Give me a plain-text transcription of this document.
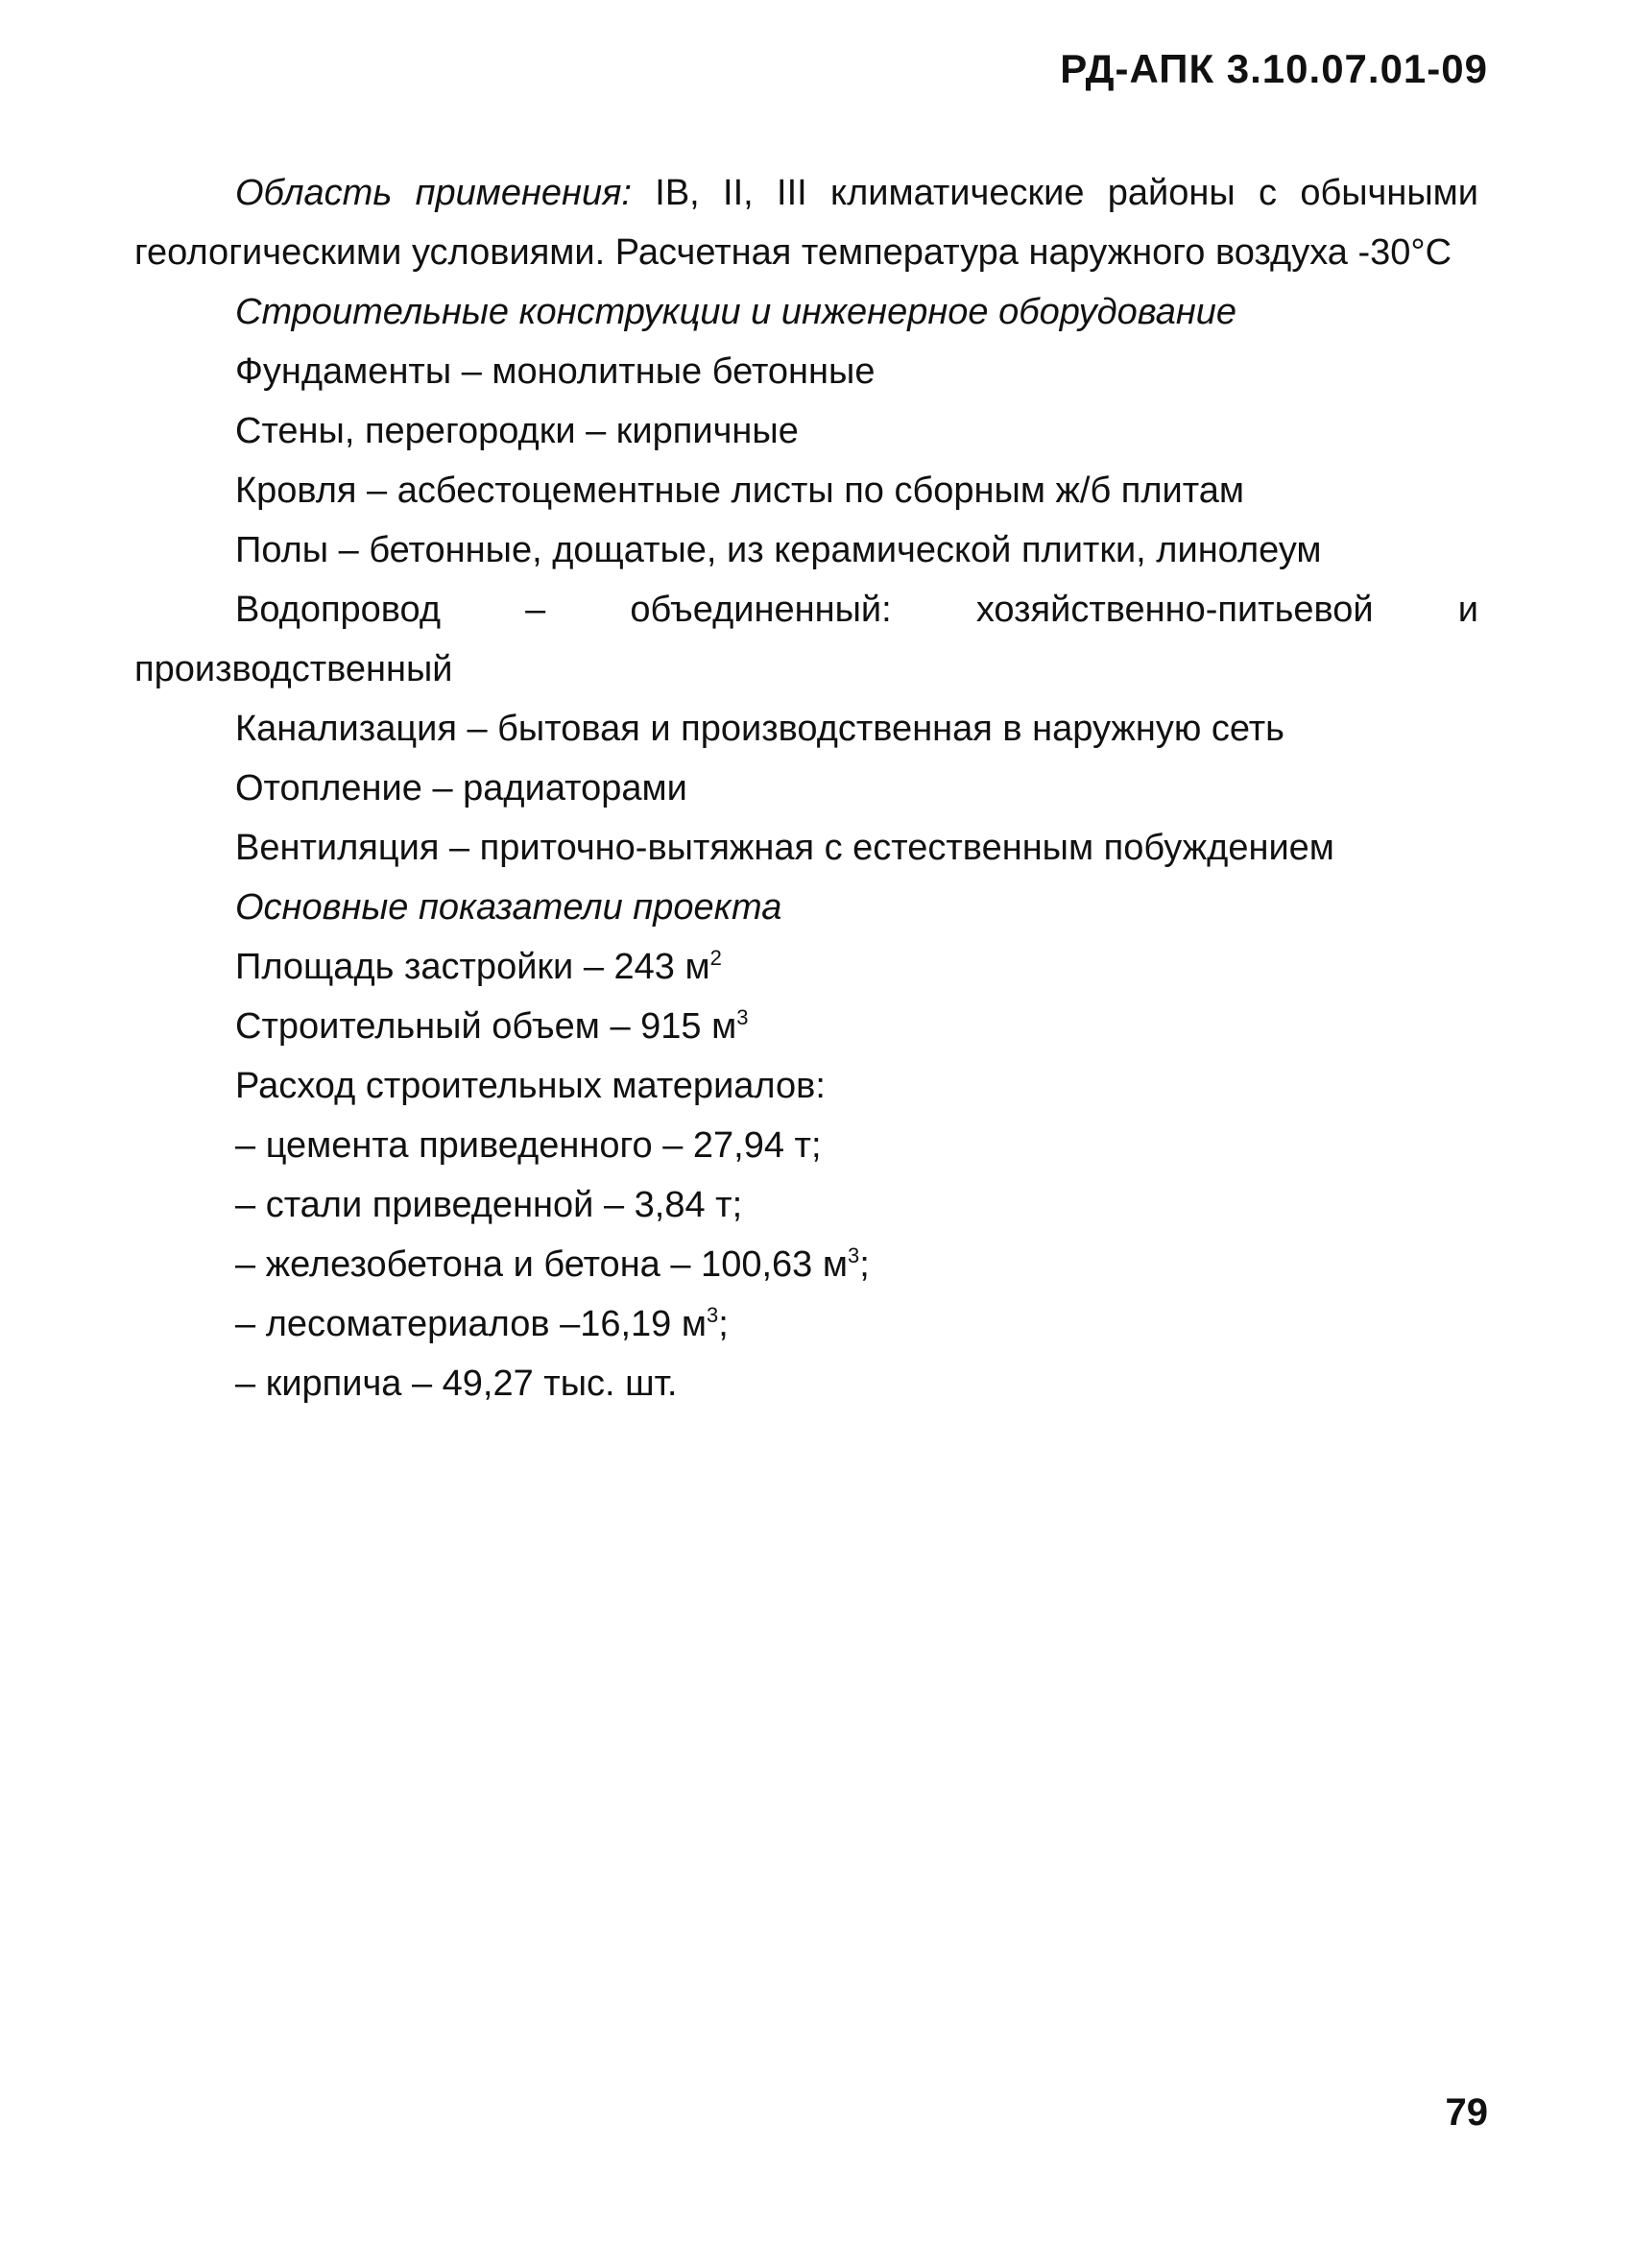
РД-АПК 3.10.07.01-09

Область применения: IB, II, III климатические районы с обычными геологическими условиями. Расчетная температура наружного воздуха -30°С

Строительные конструкции и инженерное оборудование

Фундаменты – монолитные бетонные

Стены, перегородки – кирпичные

Кровля – асбестоцементные листы по сборным ж/б плитам

Полы – бетонные, дощатые, из керамической плитки, линолеум

Водопровод – объединенный: хозяйственно-питьевой и производственный

Канализация – бытовая и производственная в наружную сеть

Отопление – радиаторами

Вентиляция – приточно-вытяжная с естественным побуждением

Основные показатели проекта

Площадь застройки – 243 $м^2$

Строительный объем – 915 $м^3$

Расход строительных материалов:

– цемента приведенного – 27,94 т;

– стали приведенной – 3,84 т;

– железобетона и бетона – 100,63 $м^3$;

– лесоматериалов –16,19 $м^3$;

– кирпича – 49,27 тыс. шт.

79
